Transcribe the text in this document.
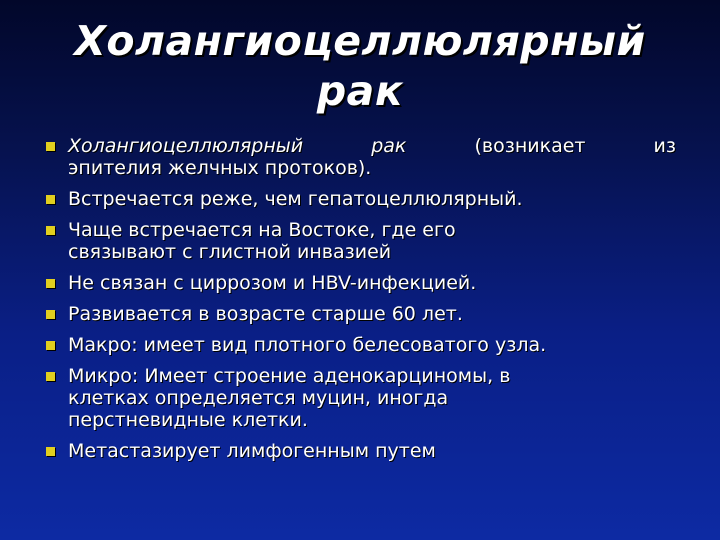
Холангиоцеллюлярный
рак
Холангиоцеллюлярный рак	(возникает из
эпителия желчных протоков).
Встречается реже, чем гепатоцеллюлярный.
Чаще встречается на Востоке, где его
связывают с глистной инвазией
Не связан с циррозом и HBV-инфекцией.
Развивается в возрасте старше 60 лет.
Макро: имеет вид плотного белесоватого узла.
Микро: Имеет строение аденокарциномы, в
клетках определяется муцин, иногда
перстневидные клетки.
Метастазирует лимфогенным путем
